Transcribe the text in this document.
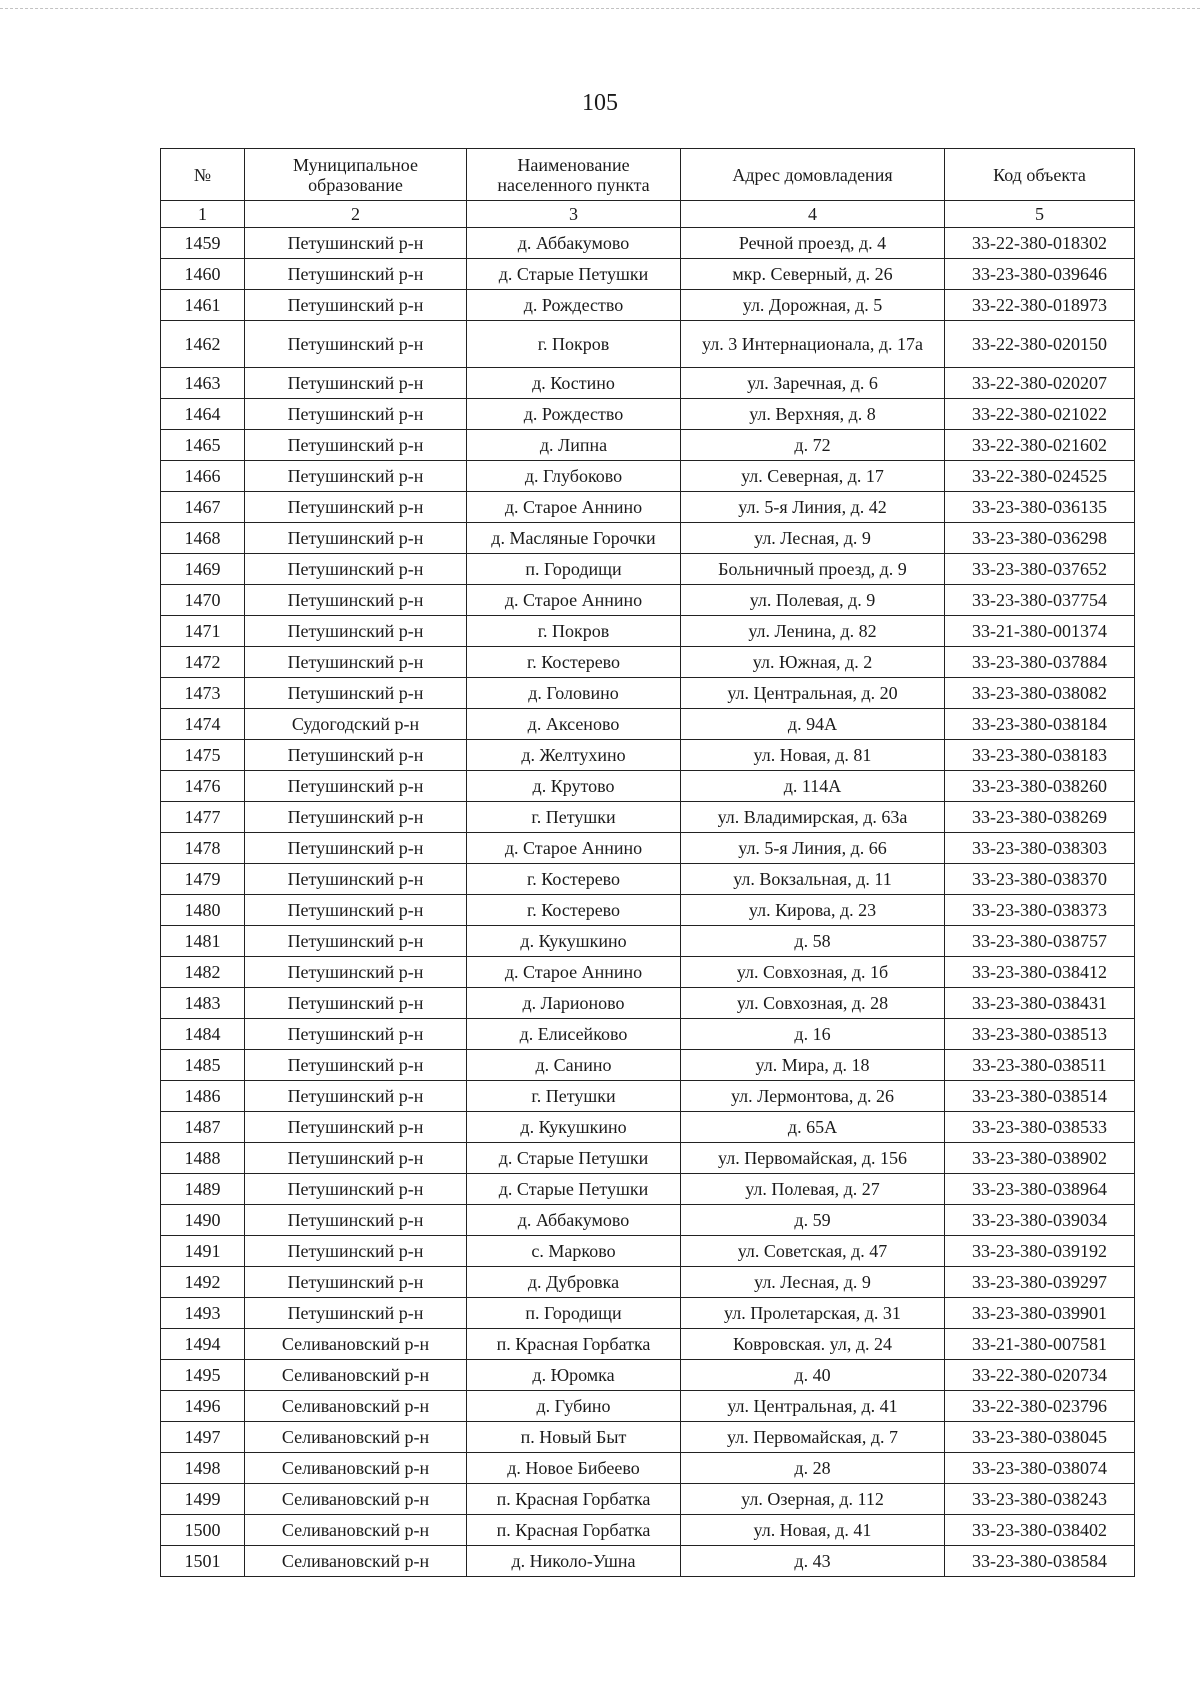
105
№	Муниципальное образование	Наименование населенного пункта	Адрес домовладения	Код объекта
1	2	3	4	5
1459	Петушинский р-н	д. Аббакумово	Речной проезд, д. 4	33-22-380-018302
1460	Петушинский р-н	д. Старые Петушки	мкр. Северный, д. 26	33-23-380-039646
1461	Петушинский р-н	д. Рождество	ул. Дорожная, д. 5	33-22-380-018973
1462	Петушинский р-н	г. Покров	ул. 3 Интернационала, д. 17а	33-22-380-020150
1463	Петушинский р-н	д. Костино	ул. Заречная, д. 6	33-22-380-020207
1464	Петушинский р-н	д. Рождество	ул. Верхняя, д. 8	33-22-380-021022
1465	Петушинский р-н	д. Липна	д. 72	33-22-380-021602
1466	Петушинский р-н	д. Глубоково	ул. Северная, д. 17	33-22-380-024525
1467	Петушинский р-н	д. Старое Аннино	ул. 5-я Линия, д. 42	33-23-380-036135
1468	Петушинский р-н	д. Масляные Горочки	ул. Лесная, д. 9	33-23-380-036298
1469	Петушинский р-н	п. Городищи	Больничный проезд, д. 9	33-23-380-037652
1470	Петушинский р-н	д. Старое Аннино	ул. Полевая, д. 9	33-23-380-037754
1471	Петушинский р-н	г. Покров	ул. Ленина, д. 82	33-21-380-001374
1472	Петушинский р-н	г. Костерево	ул. Южная, д. 2	33-23-380-037884
1473	Петушинский р-н	д. Головино	ул. Центральная, д. 20	33-23-380-038082
1474	Судогодский р-н	д. Аксеново	д. 94А	33-23-380-038184
1475	Петушинский р-н	д. Желтухино	ул. Новая, д. 81	33-23-380-038183
1476	Петушинский р-н	д. Крутово	д. 114А	33-23-380-038260
1477	Петушинский р-н	г. Петушки	ул. Владимирская, д. 63а	33-23-380-038269
1478	Петушинский р-н	д. Старое Аннино	ул. 5-я Линия, д. 66	33-23-380-038303
1479	Петушинский р-н	г. Костерево	ул. Вокзальная, д. 11	33-23-380-038370
1480	Петушинский р-н	г. Костерево	ул. Кирова, д. 23	33-23-380-038373
1481	Петушинский р-н	д. Кукушкино	д. 58	33-23-380-038757
1482	Петушинский р-н	д. Старое Аннино	ул. Совхозная, д. 1б	33-23-380-038412
1483	Петушинский р-н	д. Ларионово	ул. Совхозная, д. 28	33-23-380-038431
1484	Петушинский р-н	д. Елисейково	д. 16	33-23-380-038513
1485	Петушинский р-н	д. Санино	ул. Мира, д. 18	33-23-380-038511
1486	Петушинский р-н	г. Петушки	ул. Лермонтова, д. 26	33-23-380-038514
1487	Петушинский р-н	д. Кукушкино	д. 65А	33-23-380-038533
1488	Петушинский р-н	д. Старые Петушки	ул. Первомайская, д. 156	33-23-380-038902
1489	Петушинский р-н	д. Старые Петушки	ул. Полевая, д. 27	33-23-380-038964
1490	Петушинский р-н	д. Аббакумово	д. 59	33-23-380-039034
1491	Петушинский р-н	с. Марково	ул. Советская, д. 47	33-23-380-039192
1492	Петушинский р-н	д. Дубровка	ул. Лесная, д. 9	33-23-380-039297
1493	Петушинский р-н	п. Городищи	ул. Пролетарская, д. 31	33-23-380-039901
1494	Селивановский р-н	п. Красная Горбатка	Ковровская. ул, д. 24	33-21-380-007581
1495	Селивановский р-н	д. Юромка	д. 40	33-22-380-020734
1496	Селивановский р-н	д. Губино	ул. Центральная, д. 41	33-22-380-023796
1497	Селивановский р-н	п. Новый Быт	ул. Первомайская, д. 7	33-23-380-038045
1498	Селивановский р-н	д. Новое Бибеево	д. 28	33-23-380-038074
1499	Селивановский р-н	п. Красная Горбатка	ул. Озерная, д. 112	33-23-380-038243
1500	Селивановский р-н	п. Красная Горбатка	ул. Новая, д. 41	33-23-380-038402
1501	Селивановский р-н	д. Николо-Ушна	д. 43	33-23-380-038584
